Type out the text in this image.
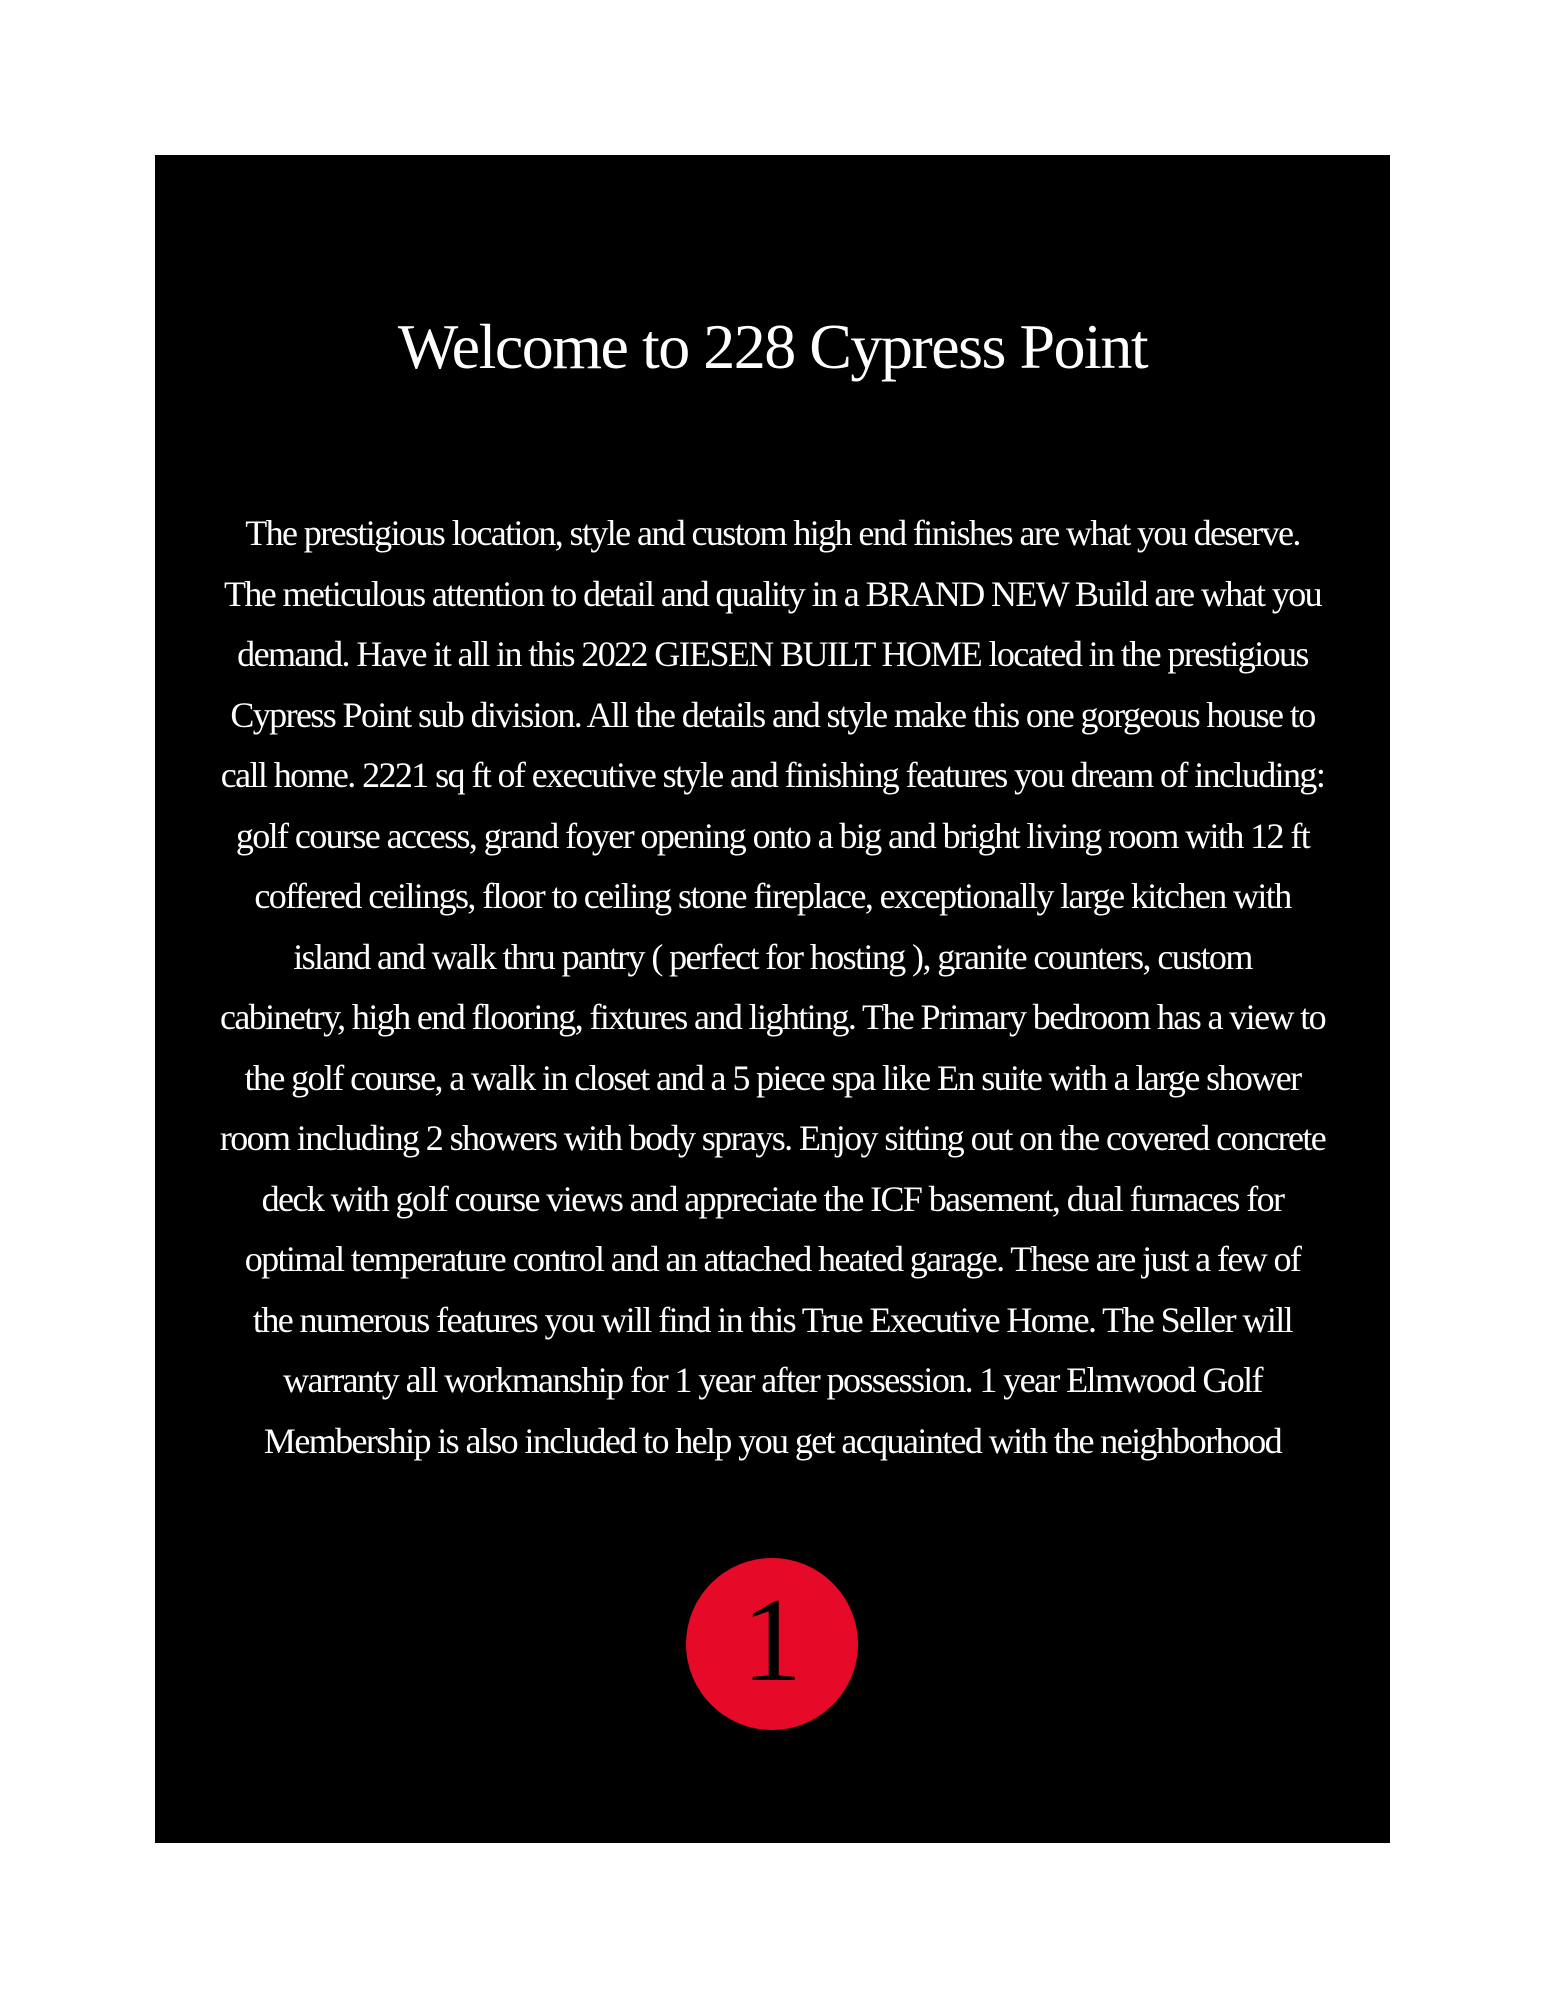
Welcome to 228 Cypress Point

The prestigious location, style and custom high end finishes are what you deserve.
The meticulous attention to detail and quality in a BRAND NEW Build are what you
demand. Have it all in this 2022 GIESEN BUILT HOME located in the prestigious
Cypress Point sub division. All the details and style make this one gorgeous house to
call home. 2221 sq ft of executive style and finishing features you dream of including:
golf course access, grand foyer opening onto a big and bright living room with 12 ft
coffered ceilings, floor to ceiling stone fireplace, exceptionally large kitchen with
island and walk thru pantry ( perfect for hosting ), granite counters, custom
cabinetry, high end flooring, fixtures and lighting. The Primary bedroom has a view to
the golf course, a walk in closet and a 5 piece spa like En suite with a large shower
room including 2 showers with body sprays. Enjoy sitting out on the covered concrete
deck with golf course views and appreciate the ICF basement, dual furnaces for
optimal temperature control and an attached heated garage. These are just a few of
the numerous features you will find in this True Executive Home. The Seller will
warranty all workmanship for 1 year after possession. 1 year Elmwood Golf
Membership is also included to help you get acquainted with the neighborhood

1
